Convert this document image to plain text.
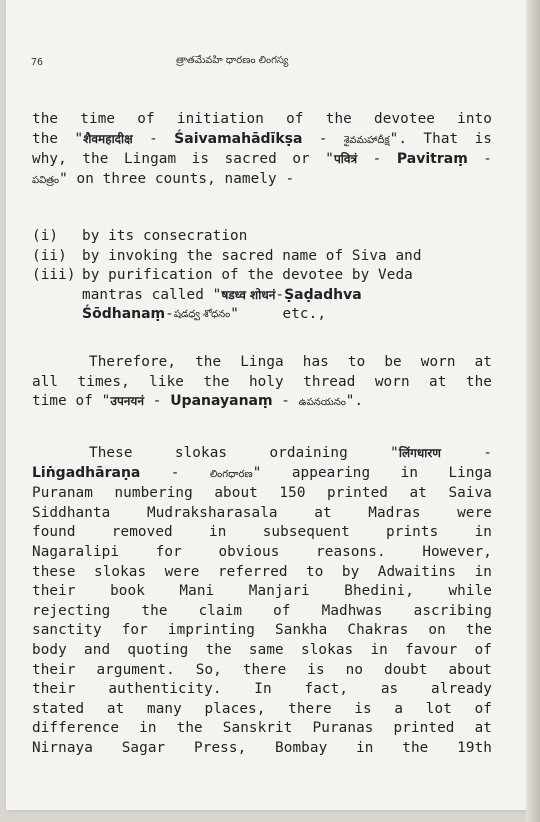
76	త్రాతమేవహి ధారణం లింగస్య
the time of initiation of the devotee into
the "शैवमहादीक्ष - Śaivamahādīkṣa - శైవమహాదీక్ష". That is
why, the Lingam is sacred or "पवित्रं - Pavitraṃ -
పవిత్రం" on three counts, namely -
(i)	by its consecration
(ii)	by invoking the sacred name of Siva and
(iii) by purification of the devotee by Veda
mantras called " षडध्व शोधनं - Ṣaḍadhva
Śōdhanaṃ - షడధ్వ శోధనం "     etc.,
Therefore, the Linga has to be worn at
all times, like the holy thread worn at the
time of "उपनयनं - Upanayanaṃ - ఉపనయనం".
These  slokas  ordaining  "लिंगधारण  -
Liṅgadhāraṇa - లింగధారణ" appearing in Linga
Puranam numbering about 150 printed at Saiva
Siddhanta Mudraksharasala at Madras were
found removed in subsequent prints in
Nagaralipi for obvious reasons. However,
these slokas were referred to by Adwaitins in
their book Mani Manjari Bhedini, while
rejecting the claim of Madhwas ascribing
sanctity for imprinting Sankha Chakras on the
body and quoting the same slokas in favour of
their argument. So, there is no doubt about
their authenticity. In fact, as already
stated at many places, there is a lot of
difference in the Sanskrit Puranas printed at
Nirnaya Sagar Press, Bombay in the 19th
